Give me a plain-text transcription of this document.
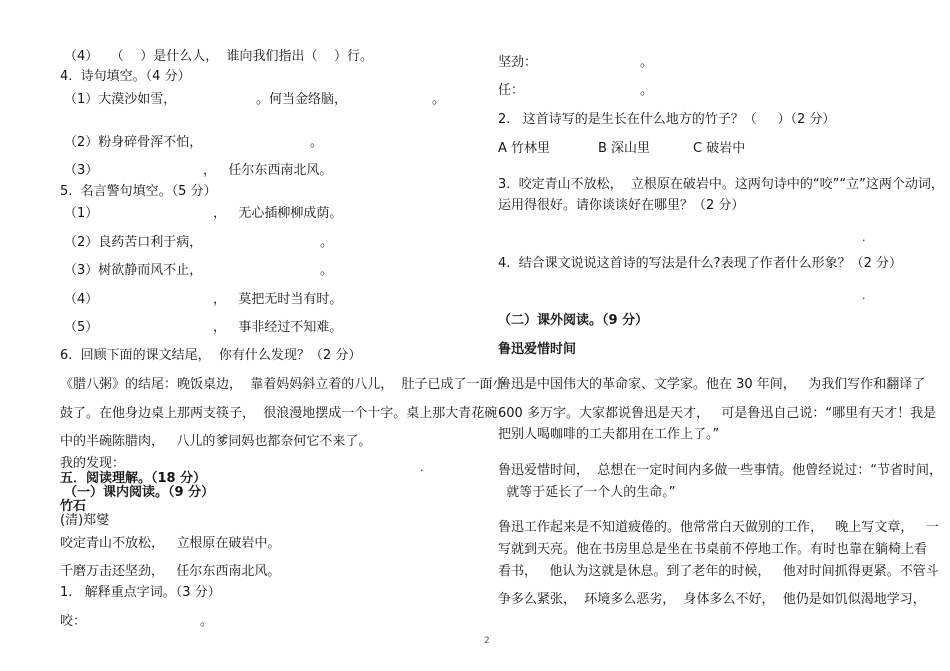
（4）   （    ）是什么人，  谁向我们指出（    ）行。
4.  诗句填空。（4 分）
（1）大漠沙如雪，	。何当金络脑，	。
（2）粉身碎骨浑不怕，	。
（3）	，   任尔东西南北风。
5.  名言警句填空。（5 分）
（1）	，   无心插柳柳成荫。
（2）良药苦口利于病，	。
（3）树欲静而风不止，	。
（4）	，   莫把无时当有时。
（5）	，   事非经过不知难。
6.  回顾下面的课文结尾，  你有什么发现？（2 分）
《腊八粥》的结尾：晚饭桌边，  靠着妈妈斜立着的八儿，  肚子已成了一面小
鼓了。在他身边桌上那两支筷子，  很浪漫地摆成一个十字。桌上那大青花碗
中的半碗陈腊肉，   八儿的爹同妈也都奈何它不来了。
我的发现：	.
五．阅读理解。（18 分）
（一）课内阅读。（9 分）
竹石
(清)郑燮
咬定青山不放松，   立根原在破岩中。
千磨万击还坚劲，   任尔东西南北风。
1.   解释重点字词。（3 分）
咬：	。
坚劲：	。
任：	。
2.   这首诗写的是生长在什么地方的竹子？（     ）（2 分）
A 竹林里	B 深山里	C 破岩中
3.  咬定青山不放松，  立根原在破岩中。这两句诗中的“咬”“立”这两个动词，
运用得很好。请你谈谈好在哪里？（2 分）
.
4.  结合课文说说这首诗的写法是什么?表现了作者什么形象？（2 分）
.
（二）课外阅读。（9 分）
鲁迅爱惜时间
鲁迅是中国伟大的革命家、文学家。他在 30 年间，   为我们写作和翻译了
600 多万字。大家都说鲁迅是天才，   可是鲁迅自己说：“哪里有天才！我是
把别人喝咖啡的工夫都用在工作上了。”
鲁迅爱惜时间，  总想在一定时间内多做一些事情。他曾经说过：“节省时间，
就等于延长了一个人的生命。”
鲁迅工作起来是不知道疲倦的。他常常白天做别的工作，   晚上写文章，   一
写就到天亮。他在书房里总是坐在书桌前不停地工作。有时也靠在躺椅上看
看书，   他认为这就是休息。到了老年的时候，   他对时间抓得更紧。不管斗
争多么紧张，  环境多么恶劣，  身体多么不好，  他仍是如饥似渴地学习，
2
